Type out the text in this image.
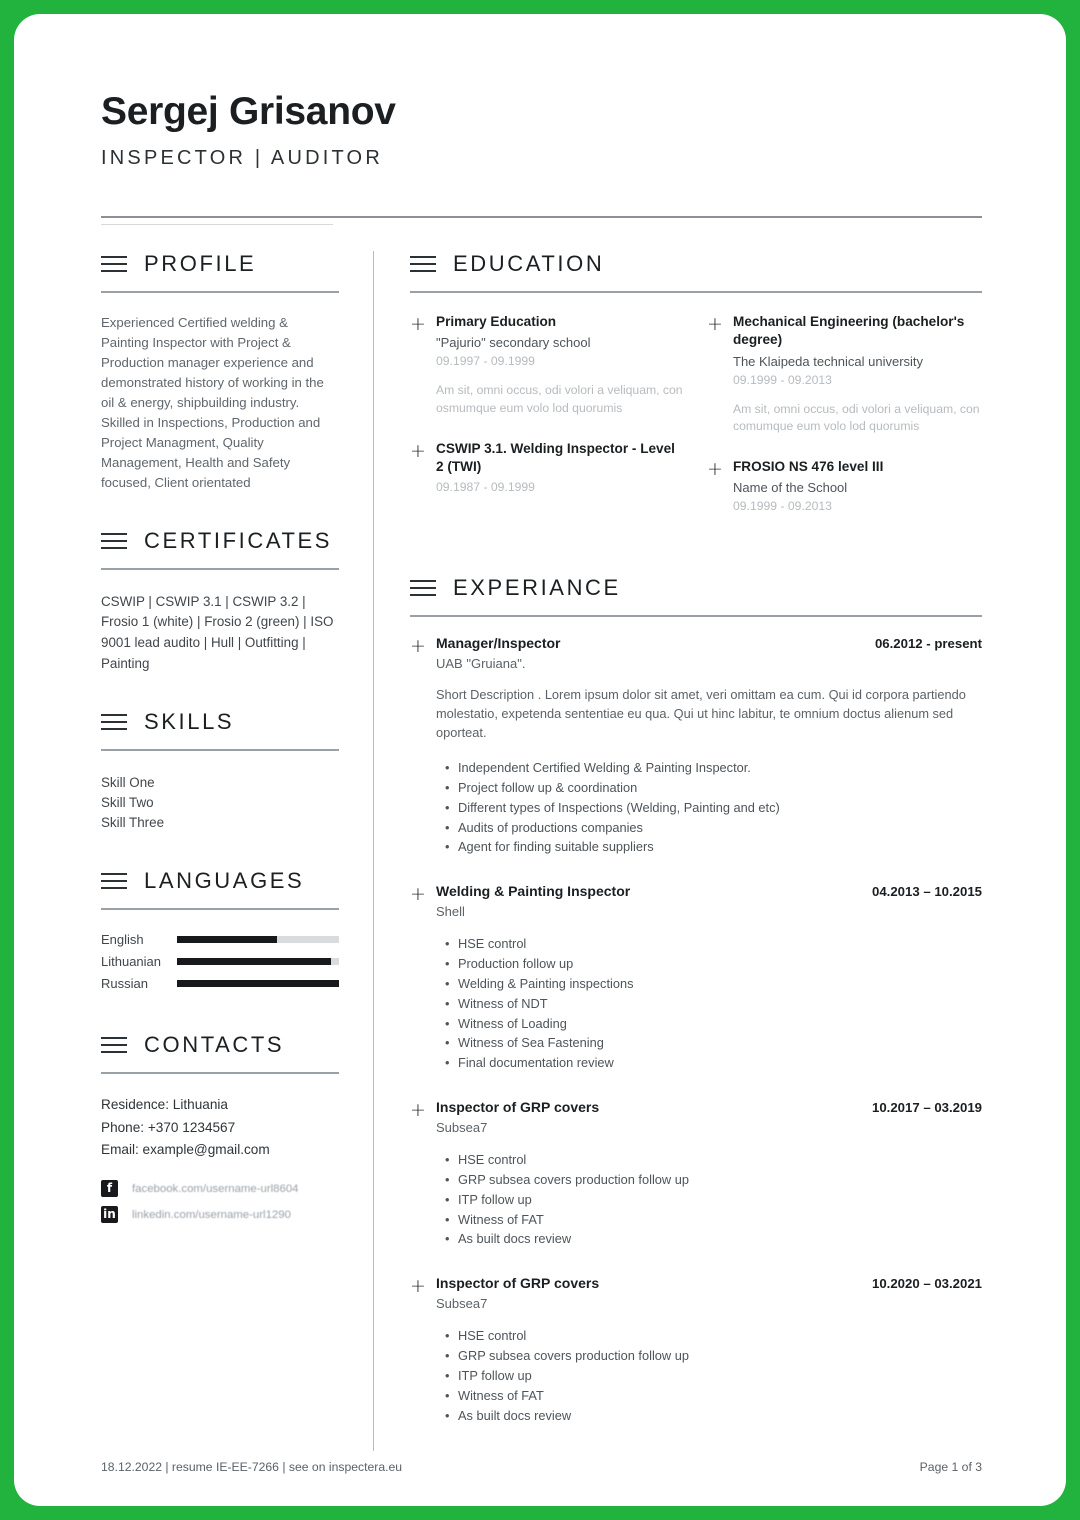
Sergej Grisanov
INSPECTOR | AUDITOR
PROFILE
Experienced Certified welding & Painting Inspector with Project & Production manager experience and demonstrated history of working in the oil & energy, shipbuilding industry. Skilled in Inspections, Production and Project Managment, Quality Management, Health and Safety focused, Client orientated
CERTIFICATES
CSWIP | CSWIP 3.1 | CSWIP 3.2 | Frosio 1 (white) | Frosio 2 (green) | ISO 9001 lead audito | Hull | Outfitting | Painting
SKILLS
Skill One
Skill Two
Skill Three
LANGUAGES
English
Lithuanian
Russian
CONTACTS
Residence: Lithuania
Phone: +370 1234567
Email: example@gmail.com
f	facebook.com/username-url8604
in linkedin.com/username-url1290
EDUCATION
+ Primary Education
"Pajurio" secondary school
09.1997 - 09.1999
Am sit, omni occus, odi volori a veliquam, con osmumque eum volo lod quorumis
+ CSWIP 3.1. Welding Inspector - Level 2 (TWI)
09.1987 - 09.1999
+ Mechanical Engineering (bachelor's degree)
The Klaipeda technical university
09.1999 - 09.2013
Am sit, omni occus, odi volori a veliquam, con comumque eum volo lod quorumis
+ FROSIO NS 476 level III
Name of the School
09.1999 - 09.2013
EXPERIANCE
+ Manager/Inspector	06.2012 - present
UAB "Gruiana".
Short Description . Lorem ipsum dolor sit amet, veri omittam ea cum. Qui id corpora partiendo molestatio, expetenda sententiae eu qua. Qui ut hinc labitur, te omnium doctus alienum sed oporteat.
• Independent Certified Welding & Painting Inspector.
• Project follow up & coordination
• Different types of Inspections (Welding, Painting and etc)
• Audits of productions companies
• Agent for finding suitable suppliers
+ Welding & Painting Inspector	04.2013 – 10.2015
Shell
• HSE control
• Production follow up
• Welding & Painting inspections
• Witness of NDT
• Witness of Loading
• Witness of Sea Fastening
• Final documentation review
+ Inspector of GRP covers	10.2017 – 03.2019
Subsea7
• HSE control
• GRP subsea covers production follow up
• ITP follow up
• Witness of FAT
• As built docs review
+ Inspector of GRP covers	10.2020 – 03.2021
Subsea7
• HSE control
• GRP subsea covers production follow up
• ITP follow up
• Witness of FAT
• As built docs review
18.12.2022 | resume IE-EE-7266 | see on inspectera.eu	Page 1 of 3
